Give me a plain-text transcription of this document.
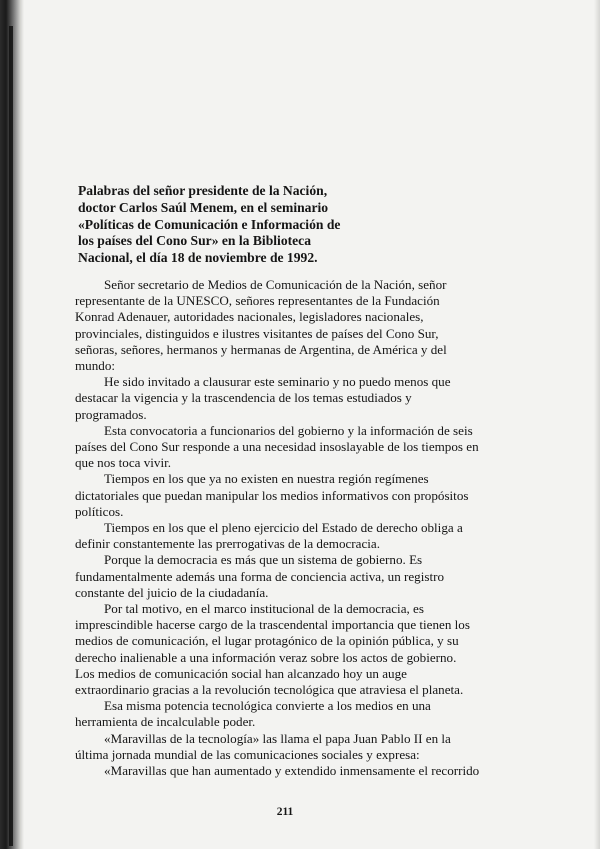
Palabras del señor presidente de la Nación,
doctor Carlos Saúl Menem, en el seminario
«Políticas de Comunicación e Información de
los países del Cono Sur» en la Biblioteca
Nacional, el día 18 de noviembre de 1992.
Señor secretario de Medios de Comunicación de la Nación, señor
representante de la UNESCO, señores representantes de la Fundación
Konrad Adenauer, autoridades nacionales, legisladores nacionales,
provinciales, distinguidos e ilustres visitantes de países del Cono Sur,
señoras, señores, hermanos y hermanas de Argentina, de América y del
mundo:
He sido invitado a clausurar este seminario y no puedo menos que
destacar la vigencia y la trascendencia de los temas estudiados y
programados.
Esta convocatoria a funcionarios del gobierno y la información de seis
países del Cono Sur responde a una necesidad insoslayable de los tiempos en
que nos toca vivir.
Tiempos en los que ya no existen en nuestra región regímenes
dictatoriales que puedan manipular los medios informativos con propósitos
políticos.
Tiempos en los que el pleno ejercicio del Estado de derecho obliga a
definir constantemente las prerrogativas de la democracia.
Porque la democracia es más que un sistema de gobierno. Es
fundamentalmente además una forma de conciencia activa, un registro
constante del juicio de la ciudadanía.
Por tal motivo, en el marco institucional de la democracia, es
imprescindible hacerse cargo de la trascendental importancia que tienen los
medios de comunicación, el lugar protagónico de la opinión pública, y su
derecho inalienable a una información veraz sobre los actos de gobierno.
Los medios de comunicación social han alcanzado hoy un auge
extraordinario gracias a la revolución tecnológica que atraviesa el planeta.
Esa misma potencia tecnológica convierte a los medios en una
herramienta de incalculable poder.
«Maravillas de la tecnología» las llama el papa Juan Pablo II en la
última jornada mundial de las comunicaciones sociales y expresa:
«Maravillas que han aumentado y extendido inmensamente el recorrido
211
